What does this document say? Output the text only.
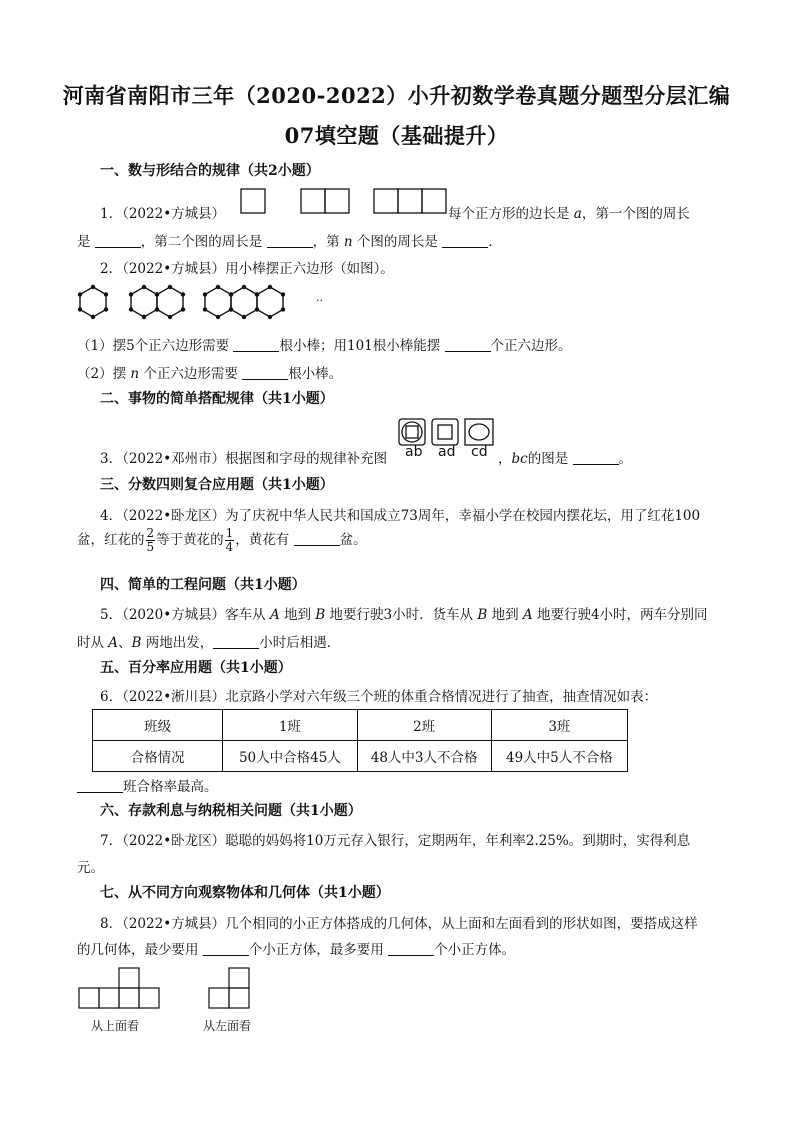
河南省南阳市三年（2020-2022）小升初数学卷真题分题型分层汇编
07填空题（基础提升）
一、数与形结合的规律（共2小题）
1．（2022•方城县）	每个正方形的边长是 a，第一个图的周长
是	，第二个图的周长是	，第 n 个图的周长是	．
2．（2022•方城县）用小棒摆正六边形（如图）。
..
（1）摆5个正六边形需要	根小棒；用101根小棒能摆	个正六边形。
（2）摆 n 个正六边形需要	根小棒。
二、事物的简单搭配规律（共1小题）
3．（2022•邓州市）根据图和字母的规律补充图 ab ad cd ，bc的图是	。
三、分数四则复合应用题（共1小题）
4．（2022•卧龙区）为了庆祝中华人民共和国成立73周年，幸福小学在校园内摆花坛，用了红花100
盆，红花的 $\frac{2}{5}$ 等于黄花的 $\frac{1}{4}$ ，黄花有	盆。
四、简单的工程问题（共1小题）
5．（2020•方城县）客车从 A 地到 B 地要行驶3小时．货车从 B 地到 A 地要行驶4小时，两车分别同
时从 A、B 两地出发，	小时后相遇．
五、百分率应用题（共1小题）
6．（2022•淅川县）北京路小学对六年级三个班的体重合格情况进行了抽查，抽查情况如表：
班级	1班	2班	3班
合格情况	50人中合格45人	48人中3人不合格	49人中5人不合格
班合格率最高。
六、存款利息与纳税相关问题（共1小题）
7．（2022•卧龙区）聪聪的妈妈将10万元存入银行，定期两年，年利率2.25%。到期时，实得利息
元。
七、从不同方向观察物体和几何体（共1小题）
8．（2022•方城县）几个相同的小正方体搭成的几何体，从上面和左面看到的形状如图，要搭成这样
的几何体，最少要用	个小正方体，最多要用	个小正方体。
从上面看	从左面看
